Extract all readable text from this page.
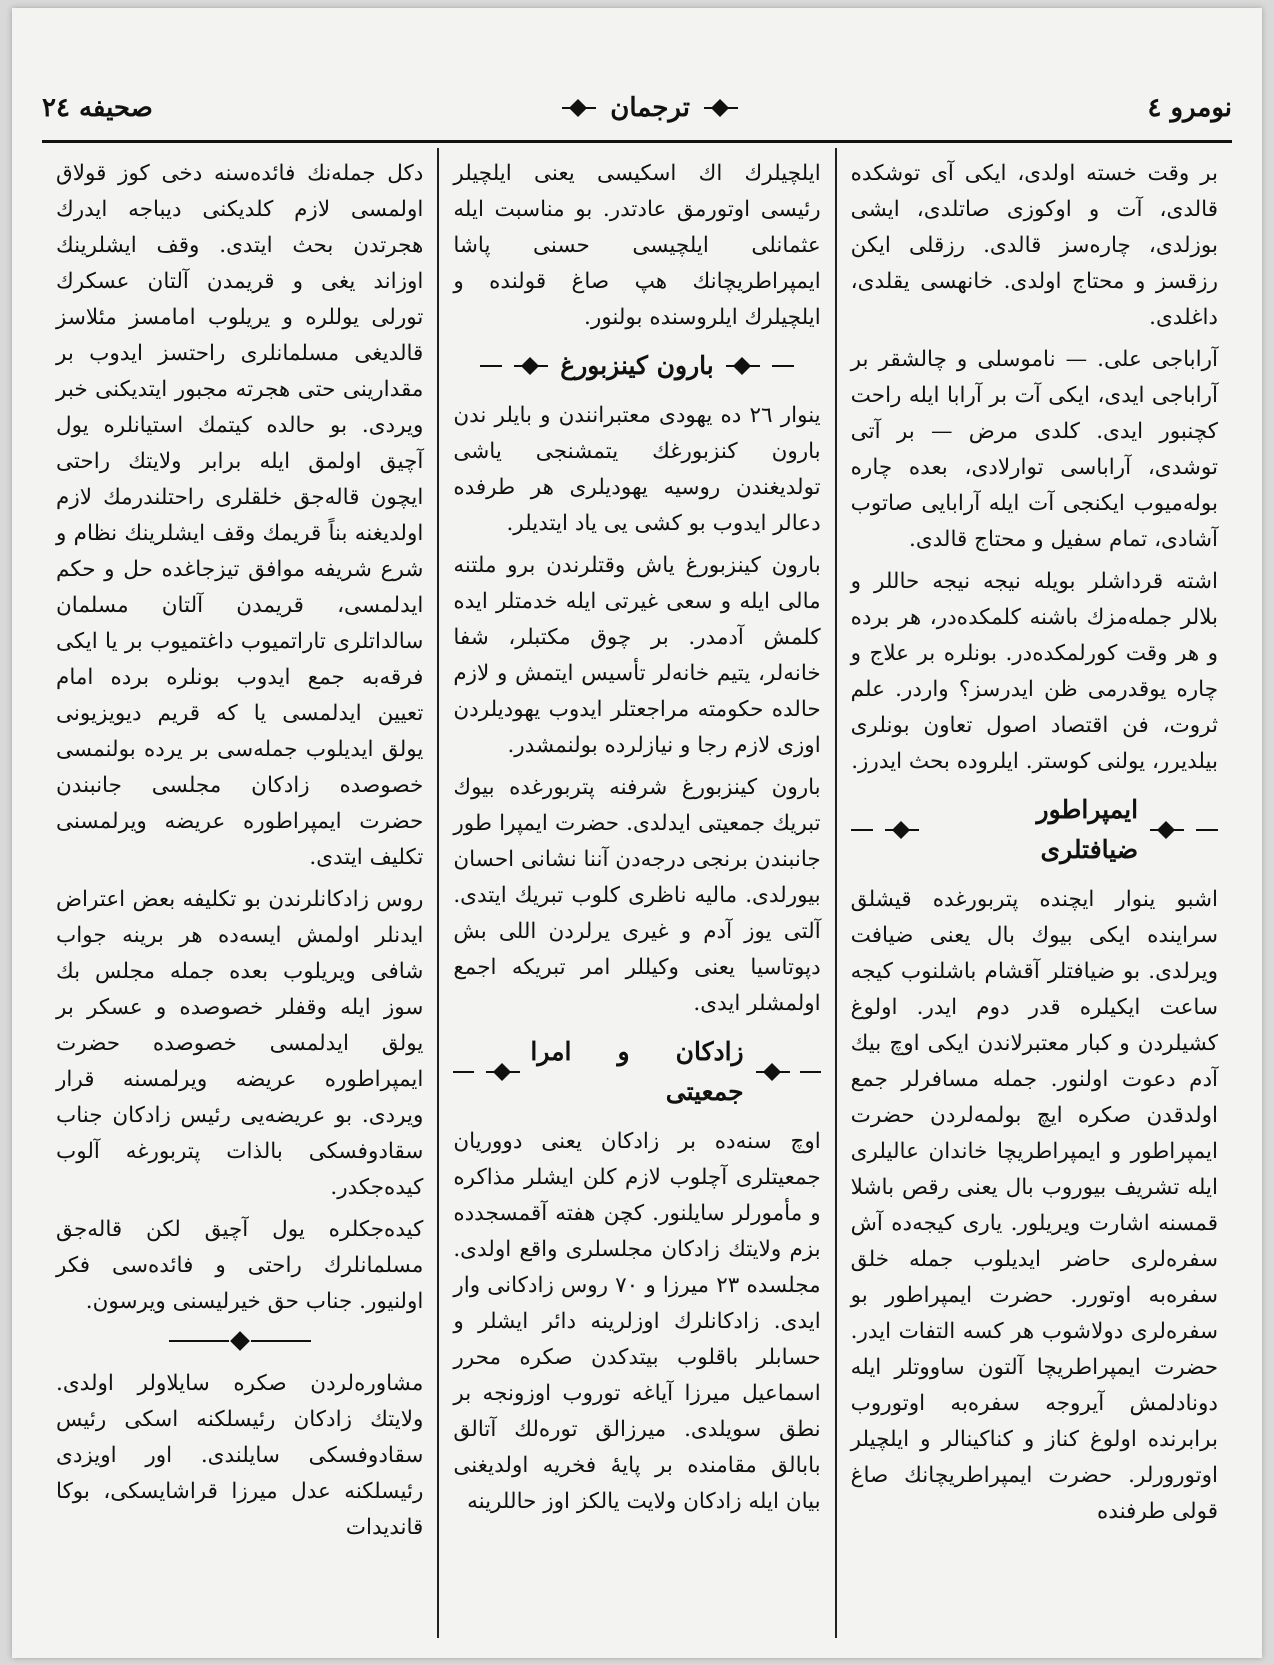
نومرو ٤
ترجمان
صحیفه ٢٤

بر وقت خسته اولدی، ایکی آی توشكده قالدی، آت و اوکوزی صاتلدی، ایشی بوزلدی، چارەسز قالدی. رزقلی ایکن رزقسز و محتاج اولدی. خانهسی یقلدی، داغلدی.

آراباجی علی. — ناموسلی و چالشقر بر آراباجی ایدی، ایکی آت بر آرابا ایله راحت کچنبور ایدی. کلدی مرض — بر آتی توشدی، آراباسی توارلادی، بعده چاره بولەمیوب ایکنجی آت ایله آرابایی صاتوب آشادی، تمام سفیل و محتاج قالدی.

اشته قرداشلر بویله نیجه نیجه حاللر و بلالر جملەمزك باشنه کلمکدەدر، هر برده و هر وقت کورلمکدەدر. بونلره بر علاج و چاره یوقدرمی ظن ایدرسز؟ واردر. علم ثروت، فن اقتصاد اصول تعاون بونلری بیلدیرر، یولنی کوستر. ایلروده بحث ایدرز.

ایمپراطور ضیافتلری

اشبو ینوار ایچنده پتربورغده قیشلق سراینده ایکی بیوك بال یعنی ضیافت ویرلدی. بو ضیافتلر آقشام باشلنوب کیجه ساعت ایکیلره قدر دوم ایدر. اولوغ کشیلردن و کبار معتبرلاندن ایکی اوچ بیك آدم دعوت اولنور. جمله مسافرلر جمع اولدقدن صکره ایچ بولمەلردن حضرت ایمپراطور و ایمپراطریچا خاندان عالیلری ایله تشریف بیوروب بال یعنی رقص باشلا قمسنه اشارت ویریلور. یاری کیجەده آش سفرەلری حاضر ایدیلوب جمله خلق سفرەبه اوتورر. حضرت ایمپراطور بو سفرەلری دولاشوب هر کسه التفات ایدر. حضرت ایمپراطریچا آلتون ساووتلر ایله دونادلمش آیروجه سفرەبه اوتوروب برابرنده اولوغ کناز و کناکینالر و ایلچیلر اوتورورلر. حضرت ایمپراطریچانك صاغ قولی طرفنده

ایلچیلرك اك اسکیسی یعنی ایلچیلر رئیسی اوتورمق عادتدر. بو مناسبت ایله عثمانلی ایلچیسی حسنی پاشا ایمپراطریچانك هپ صاغ قولنده و ایلچیلرك ایلروسنده بولنور.

بارون کینزبورغ

ینوار ٢٦ ده یهودی معتبرانندن و بایلر ندن بارون کنزبورغك یتمشنجی یاشی تولدیغندن روسیه یهودیلری هر طرفده دعالر ایدوب بو کشی یی یاد ایتدیلر.

بارون کینزبورغ یاش وقتلرندن برو ملتنه مالی ایله و سعی غیرتی ایله خدمتلر ایده کلمش آدمدر. بر چوق مکتبلر، شفا خانەلر، یتیم خانەلر تأسیس ایتمش و لازم حالده حکومته مراجعتلر ایدوب یهودیلردن اوزی لازم رجا و نیازلرده بولنمشدر.

بارون کینزبورغ شرفنه پتربورغده بیوك تبریك جمعیتی ایدلدی. حضرت ایمپرا طور جانبندن برنجی درجەدن آننا نشانی احسان بیورلدی. مالیه ناظری کلوب تبریك ایتدی. آلتی یوز آدم و غیری یرلردن اللی بش دپوتاسیا یعنی وکیللر امر تبریکه اجمع اولمشلر ایدی.

زادکان و امرا جمعیتی

اوچ سنەده بر زادکان یعنی دووریان جمعیتلری آچلوب لازم کلن ایشلر مذاکره و مأمورلر سایلنور. کچن هفته آقمسجدده بزم ولایتك زادکان مجلسلری واقع اولدی. مجلسده ٢٣ میرزا و ٧٠ روس زادکانی وار ایدی. زادکانلرك اوزلرینه دائر ایشلر و حسابلر باقلوب بیتدکدن صکره محرر اسماعیل میرزا آیاغه توروب اوزونجه بر نطق سویلدی. میرزالق تورەلك آتالق بابالق مقامنده بر پایۀ فخریه اولدیغنی بیان ایله زادکان ولایت یالکز اوز حاللرینه

دکل جملەنك فائدەسنه دخی کوز قولاق اولمسی لازم کلدیکنی دیباجه ایدرك هجرتدن بحث ایتدی. وقف ایشلرینك اوزاند یغی و قریمدن آلتان عسکرك تورلی یوللره و یریلوب امامسز مئلاسز قالدیغی مسلمانلری راحتسز ایدوب بر مقدارینی حتی هجرته مجبور ایتدیکنی خبر ویردی. بو حالده کیتمك استیانلره یول آچیق اولمق ایله برابر ولایتك راحتی ایچون قالەجق خلقلری راحتلندرمك لازم اولدیغنه بناً قریمك وقف ایشلرینك نظام و شرع شریفه موافق تیزجاغده حل و حکم ایدلمسی، قریمدن آلتان مسلمان سالداتلری تاراتمیوب داغتمیوب بر یا ایکی فرقەبه جمع ایدوب بونلره برده امام تعیین ایدلمسی یا که قریم دیویزیونی یولق ایدیلوب جملەسی بر یرده بولنمسی خصوصده زادکان مجلسی جانبندن حضرت ایمپراطوره عریضه ویرلمسنی تکلیف ایتدی.

روس زادکانلرندن بو تکلیفه بعض اعتراض ایدنلر اولمش ایسەده هر برینه جواب شافی ویریلوب بعده جمله مجلس بك سوز ایله وقفلر خصوصده و عسکر بر یولق ایدلمسی خصوصده حضرت ایمپراطوره عریضه ویرلمسنه قرار ویردی. بو عریضەیی رئیس زادکان جناب سقادوفسکی بالذات پتربورغه آلوب کیدەجکدر.

کیدەجکلره یول آچیق لکن قالەجق مسلمانلرك راحتی و فائدەسی فکر اولنیور. جناب حق خیرلیسنی ویرسون.

مشاورەلردن صکره سایلاولر اولدی. ولایتك زادکان رئیسلکنه اسکی رئیس سقادوفسکی سایلندی. اور اویزدی رئیسلکنه عدل میرزا قراشایسکی، بوکا قاندیدات
